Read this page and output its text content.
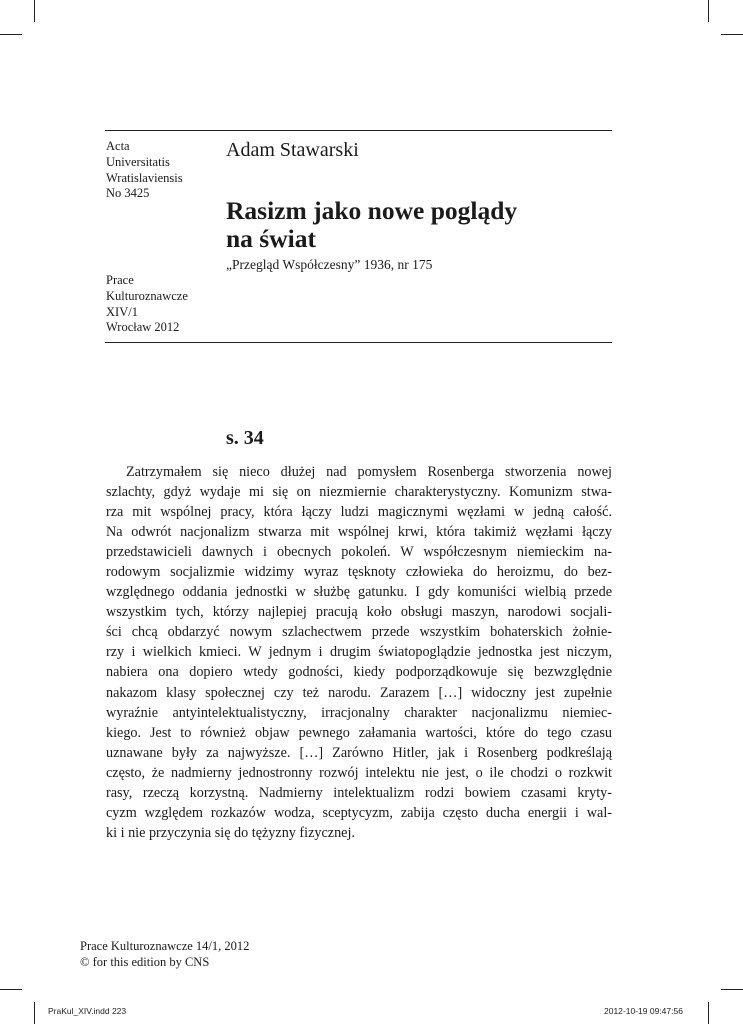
Acta
Universitatis
Wratislaviensis
No 3425
Prace
Kulturoznawcze
XIV/1
Wrocław 2012
Adam Stawarski
Rasizm jako nowe poglądy
na świat
„Przegląd Współczesny” 1936, nr 175
s. 34
Zatrzymałem się nieco dłużej nad pomysłem Rosenberga stworzenia nowej
szlachty, gdyż wydaje mi się on niezmiernie charakterystyczny. Komunizm stwa-
rza mit wspólnej pracy, która łączy ludzi magicznymi węzłami w jedną całość.
Na odwrót nacjonalizm stwarza mit wspólnej krwi, która takimiż węzłami łączy
przedstawicieli dawnych i obecnych pokoleń. W współczesnym niemieckim na-
rodowym socjalizmie widzimy wyraz tęsknoty człowieka do heroizmu, do bez-
względnego oddania jednostki w służbę gatunku. I gdy komuniści wielbią przede
wszystkim tych, którzy najlepiej pracują koło obsługi maszyn, narodowi socjali-
ści chcą obdarzyć nowym szlachectwem przede wszystkim bohaterskich żołnie-
rzy i wielkich kmieci. W jednym i drugim światopoglądzie jednostka jest niczym,
nabiera ona dopiero wtedy godności, kiedy podporządkowuje się bezwzględnie
nakazom klasy społecznej czy też narodu. Zarazem […] widoczny jest zupełnie
wyraźnie antyintelektualistyczny, irracjonalny charakter nacjonalizmu niemiec-
kiego. Jest to również objaw pewnego załamania wartości, które do tego czasu
uznawane były za najwyższe. […] Zarówno Hitler, jak i Rosenberg podkreślają
często, że nadmierny jednostronny rozwój intelektu nie jest, o ile chodzi o rozkwit
rasy, rzeczą korzystną. Nadmierny intelektualizm rodzi bowiem czasami kryty-
cyzm względem rozkazów wodza, sceptycyzm, zabija często ducha energii i wal-
ki i nie przyczynia się do tężyzny fizycznej.
Prace Kulturoznawcze 14/1, 2012
© for this edition by CNS
PraKul_XIV.indd 223	2012-10-19 09:47:56
